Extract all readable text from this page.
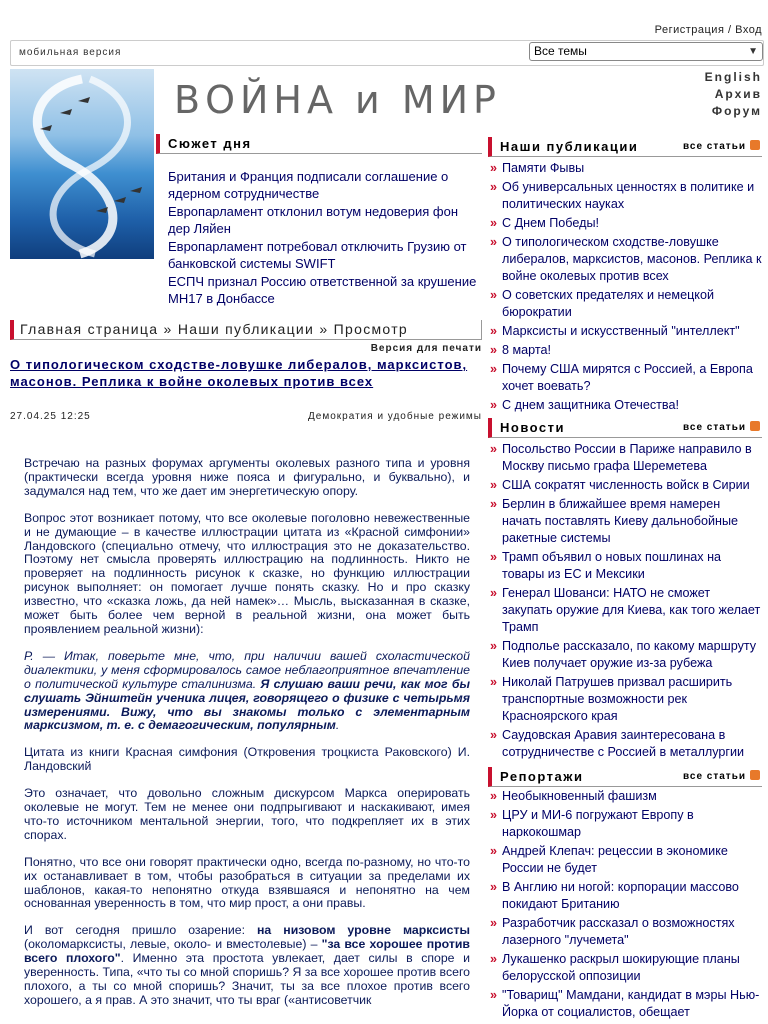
Регистрация / Вход
мобильная версия	Все темы	▼
ВОЙНА и МИР
English
Архив
Форум
Сюжет дня
Британия и Франция подписали соглашение о ядерном сотрудничестве
Европарламент отклонил вотум недоверия фон дер Ляйен
Европарламент потребовал отключить Грузию от банковской системы SWIFT
ЕСПЧ признал Россию ответственной за крушение MH17 в Донбассе
Главная страница » Наши публикации » Просмотр
Версия для печати
О типологическом сходстве-ловушке либералов, марксистов, масонов. Реплика к войне околевых против всех
27.04.25 12:25	Демократия и удобные режимы

Встречаю на разных форумах аргументы околевых разного типа и уровня (практически всегда уровня ниже пояса и фигурально, и буквально), и задумался над тем, что же дает им энергетическую опору.

Вопрос этот возникает потому, что все околевые поголовно невежественные и не думающие – в качестве иллюстрации цитата из «Красной симфонии» Ландовского (специально отмечу, что иллюстрация это не доказательство. Поэтому нет смысла проверять иллюстрацию на подлинность. Никто не проверяет на подлинность рисунок к сказке, но функцию иллюстрации рисунок выполняет: он помогает лучше понять сказку. Но и про сказку известно, что «сказка ложь, да ней намек»… Мысль, высказанная в сказке, может быть более чем верной в реальной жизни, она может быть проявлением реальной жизни):

Р. — Итак, поверьте мне, что, при наличии вашей схоластической диалектики, у меня сформировалось самое неблагоприятное впечатление о политической культуре сталинизма. Я слушаю ваши речи, как мог бы слушать Эйнштейн ученика лицея, говорящего о физике с четырьмя измерениями. Вижу, что вы знакомы только с элементарным марксизмом, т. е. с демагогическим, популярным.

Цитата из книги Красная симфония (Откровения троцкиста Раковского) И. Ландовский

Это означает, что довольно сложным дискурсом Маркса оперировать околевые не могут. Тем не менее они подпрыгивают и наскакивают, имея что-то источником ментальной энергии, того, что подкрепляет их в этих спорах.

Понятно, что все они говорят практически одно, всегда по-разному, но что-то их останавливает в том, чтобы разобраться в ситуации за пределами их шаблонов, какая-то непонятно откуда взявшаяся и непонятно на чем основанная уверенность в том, что мир прост, а они правы.

И вот сегодня пришло озарение: на низовом уровне марксисты (околомарксисты, левые, около- и вместолевые) – "за все хорошее против всего плохого". Именно эта простота увлекает, дает силы в споре и уверенность. Типа, «что ты со мной споришь? Я за все хорошее против всего плохого, а ты со мной споришь? Значит, ты за все плохое против всего хорошего, а я прав. А это значит, что ты враг («антисоветчик

Наши публикации	все статьи
» Памяти Фывы
» Об универсальных ценностях в политике и политических науках
» С Днем Победы!
» О типологическом сходстве-ловушке либералов, марксистов, масонов. Реплика к войне околевых против всех
» О советских предателях и немецкой бюрократии
» Марксисты и искусственный "интеллект"
» 8 марта!
» Почему США мирятся с Россией, а Европа хочет воевать?
» С днем защитника Отечества!
Новости	все статьи
» Посольство России в Париже направило в Москву письмо графа Шереметева
» США сократят численность войск в Сирии
» Берлин в ближайшее время намерен начать поставлять Киеву дальнобойные ракетные системы
» Трамп объявил о новых пошлинах на товары из ЕС и Мексики
» Генерал Шованси: НАТО не сможет закупать оружие для Киева, как того желает Трамп
» Подполье рассказало, по какому маршруту Киев получает оружие из-за рубежа
» Николай Патрушев призвал расширить транспортные возможности рек Красноярского края
» Саудовская Аравия заинтересована в сотрудничестве с Россией в металлургии
Репортажи	все статьи
» Необыкновенный фашизм
» ЦРУ и МИ-6 погружают Европу в наркокошмар
» Андрей Клепач: рецессии в экономике России не будет
» В Англию ни ногой: корпорации массово покидают Британию
» Разработчик рассказал о возможностях лазерного "лучемета"
» Лукашенко раскрыл шокирующие планы белорусской оппозиции
» "Товарищ" Мамдани, кандидат в мэры Нью-Йорка от социалистов, обещает
